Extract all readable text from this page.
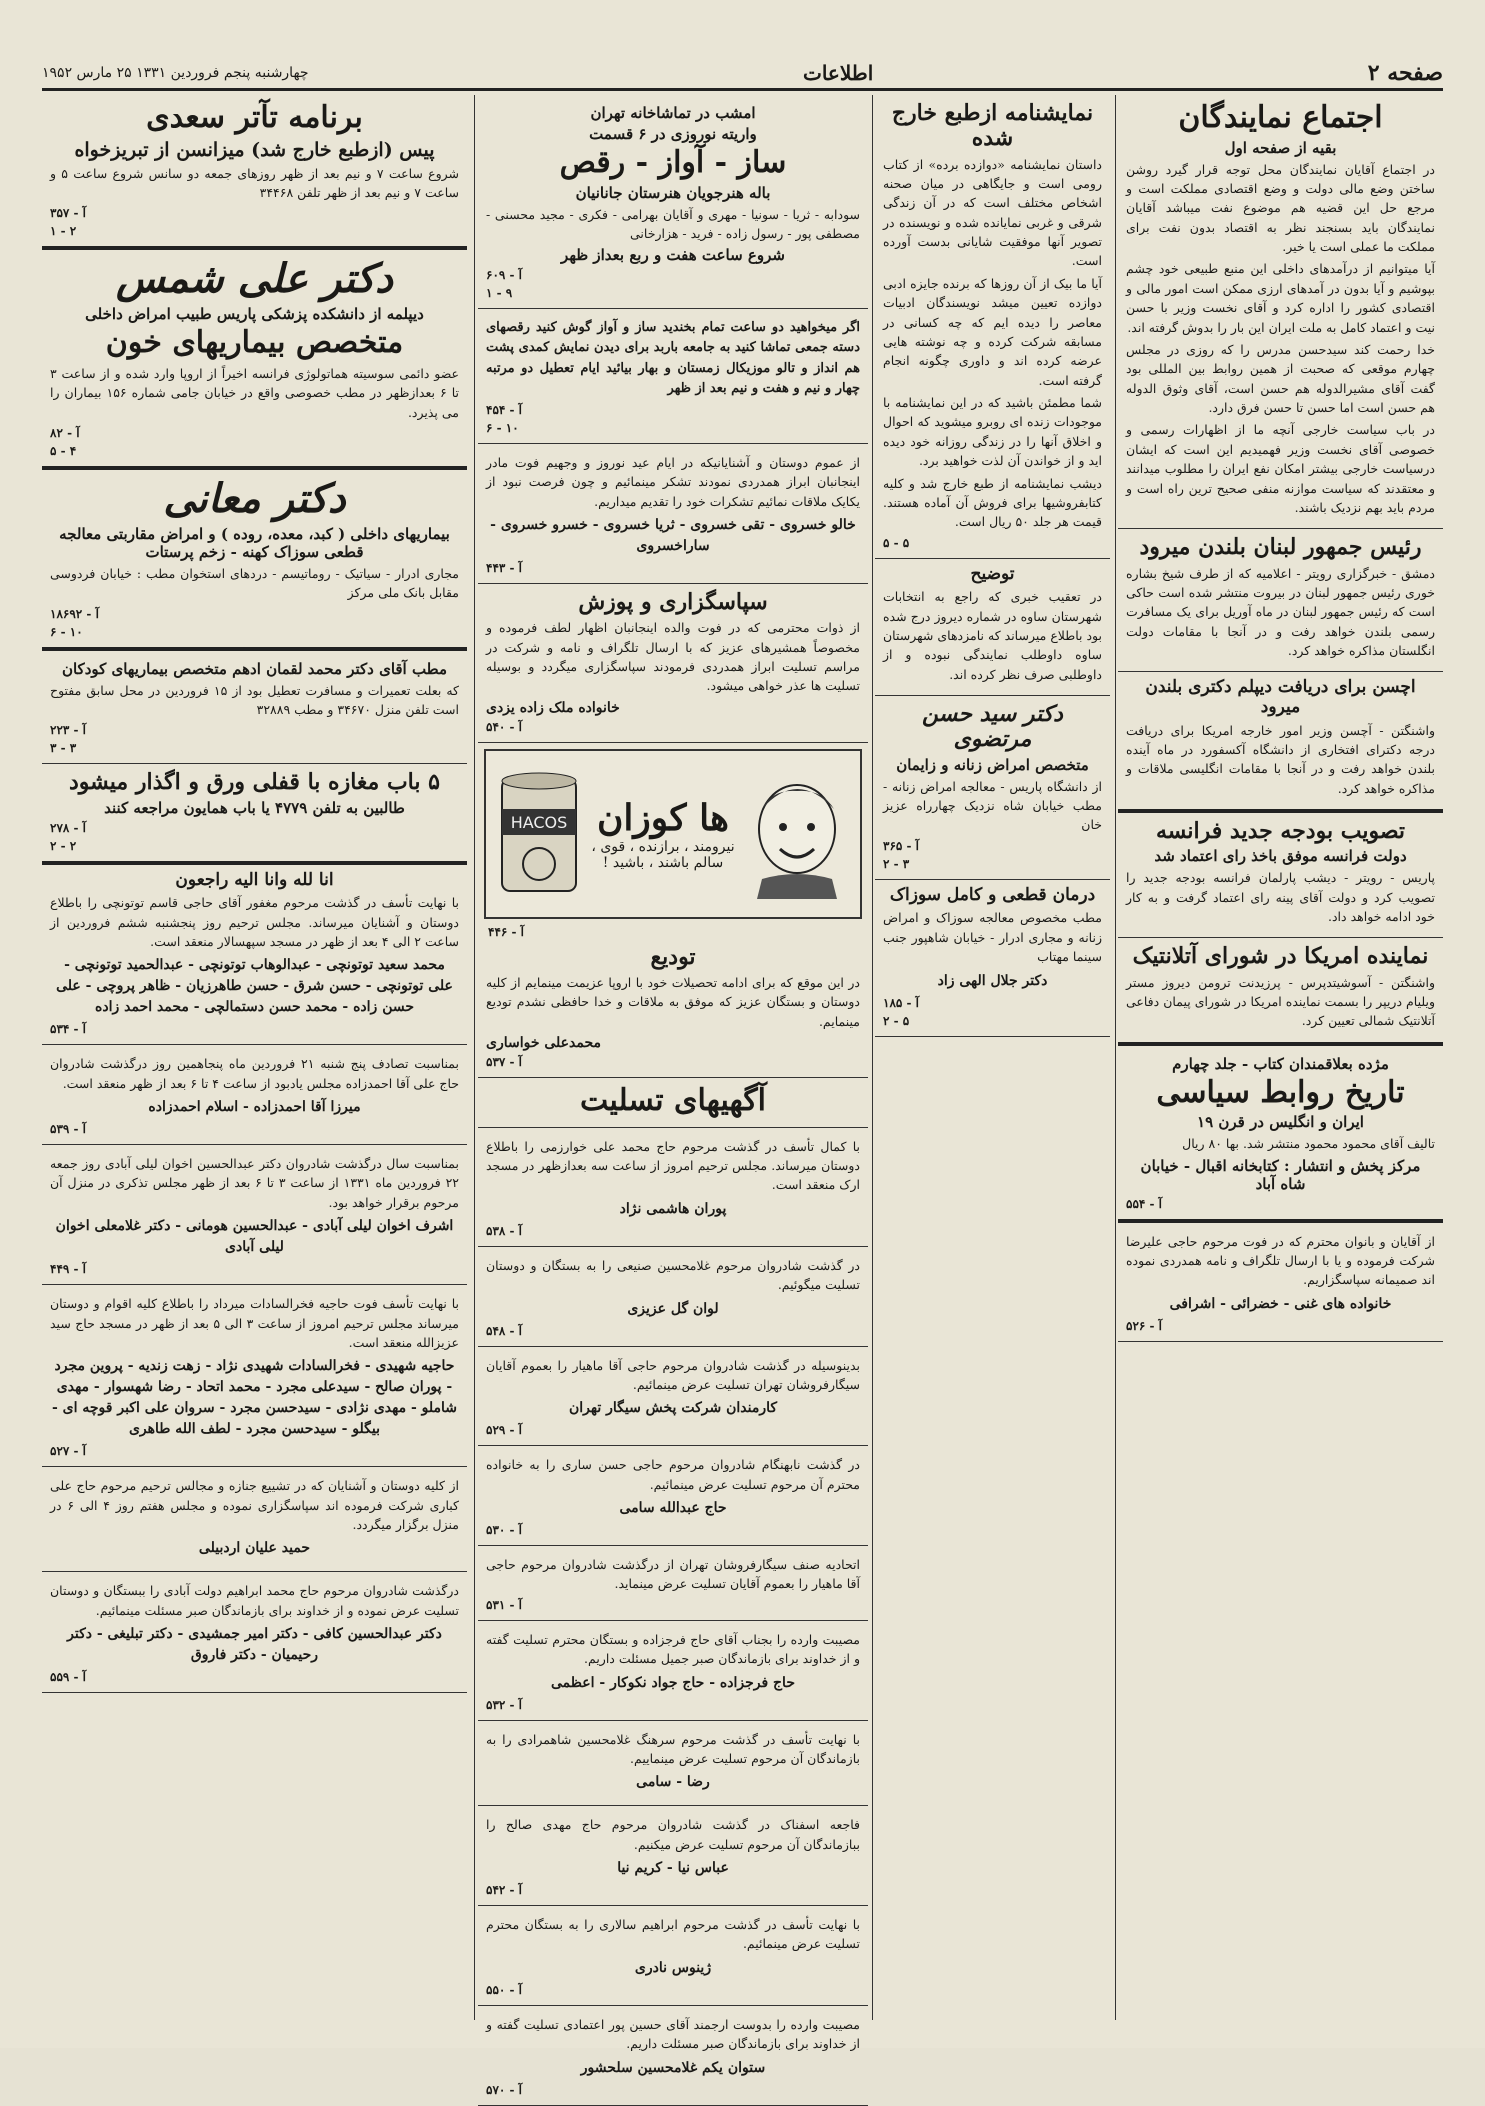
صفحه ۲
اطلاعات
چهارشنبه پنجم فروردین ۱۳۳۱ ۲۵ مارس ۱۹۵۲
اجتماع نمایندگان
بقیه از صفحه اول

در اجتماع آقایان نمایندگان محل توجه قرار گیرد روشن ساختن وضع مالی دولت و وضع اقتصادی مملکت است و مرجع حل این قضیه هم موضوع نفت میباشد آقایان نمایندگان باید بسنجند نظر به اقتصاد بدون نفت برای مملکت ما عملی است یا خیر.

آیا میتوانیم از درآمدهای داخلی این منبع طبیعی خود چشم بپوشیم و آیا بدون در آمدهای ارزی ممکن است امور مالی و اقتصادی کشور را اداره کرد و آقای نخست وزیر با حسن نیت و اعتماد کامل به ملت ایران این بار را بدوش گرفته اند.

خدا رحمت کند سیدحسن مدرس را که روزی در مجلس چهارم موقعی که صحبت از همین روابط بین المللی بود گفت آقای مشیرالدوله هم حسن است، آقای وثوق الدوله هم حسن است اما حسن تا حسن فرق دارد.

در باب سیاست خارجی آنچه ما از اظهارات رسمی و خصوصی آقای نخست وزیر فهمیدیم این است که ایشان درسیاست خارجی بیشتر امکان نفع ایران را مطلوب میدانند و معتقدند که سیاست موازنه منفی صحیح ترین راه است و مردم باید بهم نزدیک باشند.

رئیس جمهور لبنان بلندن میرود

دمشق - خبرگزاری رویتر - اعلامیه که از طرف شیخ بشاره خوری رئیس جمهور لبنان در بیروت منتشر شده است حاکی است که رئیس جمهور لبنان در ماه آوریل برای یک مسافرت رسمی بلندن خواهد رفت و در آنجا با مقامات دولت انگلستان مذاکره خواهد کرد.

اچسن برای دریافت دیپلم دکتری بلندن میرود

واشنگتن - آچسن وزیر امور خارجه امریکا برای دریافت درجه دکترای افتخاری از دانشگاه آکسفورد در ماه آینده بلندن خواهد رفت و در آنجا با مقامات انگلیسی ملاقات و مذاکره خواهد کرد.

تصویب بودجه جدید فرانسه
دولت فرانسه موفق باخذ رای اعتماد شد

پاریس - رویتر - دیشب پارلمان فرانسه بودجه جدید را تصویب کرد و دولت آقای پینه رای اعتماد گرفت و به کار خود ادامه خواهد داد.

نماینده امریکا در شورای آتلانتیک

واشنگتن - آسوشیتدپرس - پرزیدنت ترومن دیروز مستر ویلیام دریپر را بسمت نماینده امریکا در شورای پیمان دفاعی آتلانتیک شمالی تعیین کرد.

مژده بعلاقمندان کتاب - جلد چهارم
تاریخ روابط سیاسی
ایران و انگلیس در قرن ۱۹

تالیف آقای محمود محمود منتشر شد. بها ۸۰ ریال

مرکز پخش و انتشار : کتابخانه اقبال - خیابان شاه آباد
آ - ۵۵۴

از آقایان و بانوان محترم که در فوت مرحوم حاجی علیرضا شرکت فرموده و یا با ارسال تلگراف و نامه همدردی نموده اند صمیمانه سپاسگزاریم.

خانواده های غنی - خضرائی - اشرافی
آ - ۵۲۶
نمایشنامه ازطبع خارج شده

داستان نمایشنامه «دوازده برده» از کتاب رومی است و جایگاهی در میان صحنه اشخاص مختلف است که در آن زندگی شرقی و غربی نمایانده شده و نویسنده در تصویر آنها موفقیت شایانی بدست آورده است.

آیا ما بیک از آن روزها که برنده جایزه ادبی دوازده تعیین میشد نویسندگان ادبیات معاصر را دیده ایم که چه کسانی در مسابقه شرکت کرده و چه نوشته هایی عرضه کرده اند و داوری چگونه انجام گرفته است.

شما مطمئن باشید که در این نمایشنامه با موجودات زنده ای روبرو میشوید که احوال و اخلاق آنها را در زندگی روزانه خود دیده اید و از خواندن آن لذت خواهید برد.

دیشب نمایشنامه از طبع خارج شد و کلیه کتابفروشیها برای فروش آن آماده هستند. قیمت هر جلد ۵۰ ریال است.

۵ - ۵
توضیح

در تعقیب خبری که راجع به انتخابات شهرستان ساوه در شماره دیروز درج شده بود باطلاع میرساند که نامزدهای شهرستان ساوه داوطلب نمایندگی نبوده و از داوطلبی صرف نظر کرده اند.

دکتر سید حسن مرتضوی
متخصص امراض زنانه و زایمان

از دانشگاه پاریس - معالجه امراض زنانه - مطب خیابان شاه نزدیک چهارراه عزیز خان

آ - ۳۶۵
۲ - ۳
درمان قطعی و کامل سوزاک

مطب مخصوص معالجه سوزاک و امراض زنانه و مجاری ادرار - خیابان شاهپور جنب سینما مهتاب

دکتر جلال الهی زاد
آ - ۱۸۵
۲ - ۵
امشب در تماشاخانه تهران
واریته نوروزی در ۶ قسمت
ساز - آواز - رقص
باله هنرجویان هنرستان جانانیان

سودابه - ثریا - سونیا - مهری و آقایان بهرامی - فکری - مجید محسنی - مصطفی پور - رسول زاده - فرید - هزارخانی

شروع ساعت هفت و ربع بعداز ظهر
آ - ۶۰۹
۱ - ۹

اگر میخواهید دو ساعت تمام بخندید ساز و آواز گوش کنید رقصهای دسته جمعی تماشا کنید به جامعه باربد برای دیدن نمایش کمدی پشت هم انداز و تالو موزیکال زمستان و بهار بیائید ایام تعطیل دو مرتبه چهار و نیم و هفت و نیم بعد از ظهر

آ - ۴۵۴
۶ - ۱۰

از عموم دوستان و آشنایانیکه در ایام عید نوروز و وجهیم فوت مادر اینجانبان ابراز همدردی نمودند تشکر مینمائیم و چون فرصت نبود از یکایک ملاقات نمائیم تشکرات خود را تقدیم میداریم.

خالو خسروی - تقی خسروی - ثریا خسروی - خسرو خسروی - ساراخسروی
آ - ۴۴۳
سپاسگزاری و پوزش

از ذوات محترمی که در فوت والده اینجانبان اظهار لطف فرموده و مخصوصاً همشیرهای عزیز که با ارسال تلگراف و نامه و شرکت در مراسم تسلیت ابراز همدردی فرمودند سپاسگزاری میگردد و بوسیله تسلیت ها عذر خواهی میشود.

خانواده ملک زاده یزدی
آ - ۵۴۰
ها کوزان
نیرومند ، برازنده ، قوی ، سالم باشند ، باشید !
HACOS
آ - ۴۴۶
تودیع

در این موقع که برای ادامه تحصیلات خود با اروپا عزیمت مینمایم از کلیه دوستان و بستگان عزیز که موفق به ملاقات و خدا حافظی نشدم تودیع مینمایم.

محمدعلی خواساری
آ - ۵۳۷
آگهیهای تسلیت

با کمال تأسف در گذشت مرحوم حاج محمد علی خوارزمی را باطلاع دوستان میرساند. مجلس ترحیم امروز از ساعت سه بعدازظهر در مسجد ارک منعقد است.

پوران هاشمی نژاد
آ - ۵۳۸

در گذشت شادروان مرحوم غلامحسین صنیعی را به بستگان و دوستان تسلیت میگوئیم.

لوان گل عزیزی
آ - ۵۴۸

بدینوسیله در گذشت شادروان مرحوم حاجی آقا ماهیار را بعموم آقایان سیگارفروشان تهران تسلیت عرض مینمائیم.

کارمندان شرکت پخش سیگار تهران
آ - ۵۲۹

در گذشت نابهنگام شادروان مرحوم حاجی حسن ساری را به خانواده محترم آن مرحوم تسلیت عرض مینمائیم.

حاج عبدالله سامی
آ - ۵۳۰

اتحادیه صنف سیگارفروشان تهران از درگذشت شادروان مرحوم حاجی آقا ماهیار را بعموم آقایان تسلیت عرض مینماید.

آ - ۵۳۱

مصیبت وارده را بجناب آقای حاج فرجزاده و بستگان محترم تسلیت گفته و از خداوند برای بازماندگان صبر جمیل مسئلت داریم.

حاج فرجزاده - حاج جواد نکوکار - اعظمی
آ - ۵۳۲

با نهایت تأسف در گذشت مرحوم سرهنگ غلامحسین شاهمرادی را به بازماندگان آن مرحوم تسلیت عرض مینماییم.

رضا - سامی

فاجعه اسفناک در گذشت شادروان مرحوم حاج مهدی صالح را ببازماندگان آن مرحوم تسلیت عرض میکنیم.

عباس نیا - کریم نیا
آ - ۵۴۲

با نهایت تأسف در گذشت مرحوم ابراهیم سالاری را به بستگان محترم تسلیت عرض مینمائیم.

ژینوس نادری
آ - ۵۵۰

مصیبت وارده را بدوست ارجمند آقای حسین پور اعتمادی تسلیت گفته و از خداوند برای بازماندگان صبر مسئلت داریم.

ستوان یکم غلامحسین سلحشور
آ - ۵۷۰
برنامه تآتر سعدی
پیس (ازطبع خارج شد) میزانسن از تبریزخواه

شروع ساعت ۷ و نیم بعد از ظهر روزهای جمعه دو سانس شروع ساعت ۵ و ساعت ۷ و نیم بعد از ظهر تلفن ۳۴۴۶۸

آ - ۳۵۷
۱ - ۲
دکتر علی شمس
دیپلمه از دانشکده پزشکی پاریس طبیب امراض داخلی
متخصص بیماریهای خون

عضو دائمی سوسیته هماتولوژی فرانسه اخیراً از اروپا وارد شده و از ساعت ۳ تا ۶ بعدازظهر در مطب خصوصی واقع در خیابان جامی شماره ۱۵۶ بیماران را می پذیرد.

آ - ۸۲
۵ - ۴
دکتر معانی
بیماریهای داخلی ( کبد، معده، روده ) و امراض مقاربتی معالجه قطعی سوزاک کهنه - زخم پرستات

مجاری ادرار - سیاتیک - روماتیسم - دردهای استخوان مطب : خیابان فردوسی مقابل بانک ملی مرکز

آ - ۱۸۶۹۲
۶ - ۱۰
مطب آقای دکتر محمد لقمان ادهم متخصص بیماریهای کودکان

که بعلت تعمیرات و مسافرت تعطیل بود از ۱۵ فروردین در محل سابق مفتوح است تلفن منزل ۳۴۶۷۰ و مطب ۳۲۸۸۹

آ - ۲۲۳
۳ - ۳
۵ باب مغازه با قفلی ورق و اگذار میشود
طالبین به تلفن ۴۷۷۹ یا باب همایون مراجعه کنند
آ - ۲۷۸
۲ - ۲
انا لله وانا الیه راجعون

با نهایت تأسف در گذشت مرحوم مغفور آقای حاجی قاسم توتونچی را باطلاع دوستان و آشنایان میرساند. مجلس ترحیم روز پنجشنبه ششم فروردین از ساعت ۲ الی ۴ بعد از ظهر در مسجد سپهسالار منعقد است.

محمد سعید توتونچی - عبدالوهاب توتونچی - عبدالحمید توتونچی - علی توتونچی - حسن شرق - حسن طاهرزیان - ظاهر پروچی - علی حسن زاده - محمد حسن دستمالچی - محمد احمد زاده
آ - ۵۳۴

بمناسبت تصادف پنج شنبه ۲۱ فروردین ماه پنجاهمین روز درگذشت شادروان حاج علی آقا احمدزاده مجلس یادبود از ساعت ۴ تا ۶ بعد از ظهر منعقد است.

میرزا آقا احمدزاده - اسلام احمدزاده
آ - ۵۳۹

بمناسبت سال درگذشت شادروان دکتر عبدالحسین اخوان لیلی آبادی روز جمعه ۲۲ فروردین ماه ۱۳۳۱ از ساعت ۳ تا ۶ بعد از ظهر مجلس تذکری در منزل آن مرحوم برقرار خواهد بود.

اشرف اخوان لیلی آبادی - عبدالحسین هومانی - دکتر غلامعلی اخوان لیلی آبادی
آ - ۴۴۹

با نهایت تأسف فوت حاجیه فخرالسادات میرداد را باطلاع کلیه اقوام و دوستان میرساند مجلس ترحیم امروز از ساعت ۳ الی ۵ بعد از ظهر در مسجد حاج سید عزیزالله منعقد است.

حاجیه شهیدی - فخرالسادات شهیدی نژاد - زهت زندیه - پروین مجرد - پوران صالح - سیدعلی مجرد - محمد اتحاد - رضا شهسوار - مهدی شاملو - مهدی نژادی - سیدحسن مجرد - سروان علی اکبر قوچه ای - بیگلو - سیدحسن مجرد - لطف الله طاهری
آ - ۵۲۷

از کلیه دوستان و آشنایان که در تشییع جنازه و مجالس ترحیم مرحوم حاج علی کباری شرکت فرموده اند سپاسگزاری نموده و مجلس هفتم روز ۴ الی ۶ در منزل برگزار میگردد.

حمید علیان اردبیلی

درگذشت شادروان مرحوم حاج محمد ابراهیم دولت آبادی را ببستگان و دوستان تسلیت عرض نموده و از خداوند برای بازماندگان صبر مسئلت مینمائیم.

دکتر عبدالحسین کافی - دکتر امیر جمشیدی - دکتر تبلیغی - دکتر رحیمیان - دکتر فاروق
آ - ۵۵۹
